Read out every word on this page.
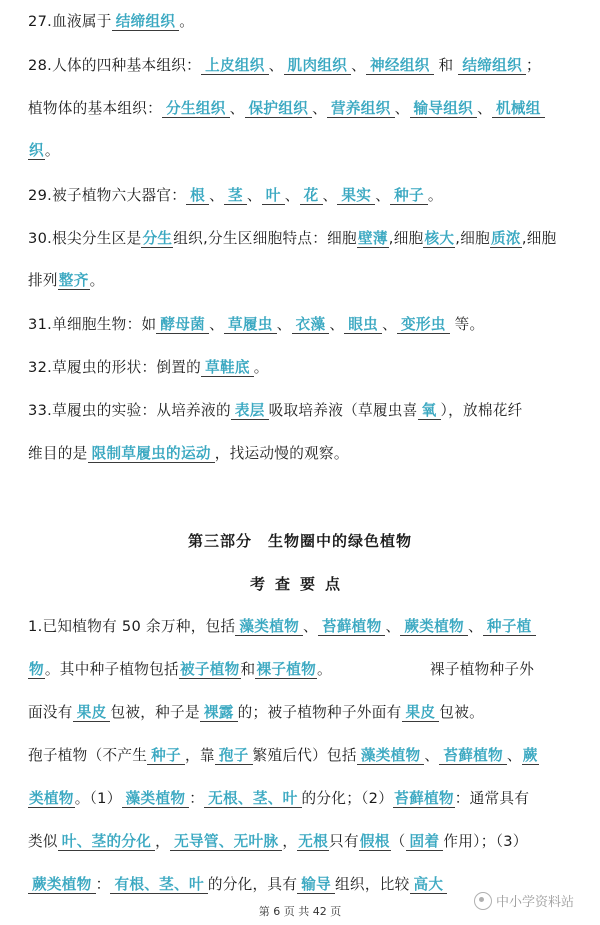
27.血液属于 结缔组织 。
28.人体的四种基本组织： 上皮组织 、 肌肉组织 、 神经组织 和 结缔组织 ；
植物体的基本组织： 分生组织 、 保护组织 、 营养组织 、 输导组织 、 机械组
织。
29.被子植物六大器官： 根 、 茎 、 叶 、 花 、 果实 、 种子 。
30.根尖分生区是分生组织,分生区细胞特点：细胞壁薄,细胞核大,细胞质浓,细胞
排列整齐。
31.单细胞生物：如 酵母菌 、 草履虫 、 衣藻 、 眼虫 、 变形虫 等。
32.草履虫的形状：倒置的 草鞋底 。
33.草履虫的实验：从培养液的 表层 吸取培养液（草履虫喜 氧 ），放棉花纤
维目的是 限制草履虫的运动 ，找运动慢的观察。
第三部分　生物圈中的绿色植物
考查要点
1.已知植物有 50 余万种，包括 藻类植物 、 苔藓植物 、 蕨类植物 、 种子植
物。其中种子植物包括被子植物和裸子植物。	裸子植物种子外
面没有 果皮 包被，种子是 裸露 的；被子植物种子外面有 果皮 包被。
孢子植物（不产生 种子 ，靠 孢子 繁殖后代）包括 藻类植物 、 苔藓植物 、蕨
类植物。（1） 藻类植物 ： 无根、茎、叶 的分化；（2）苔藓植物：通常具有
类似 叶、茎的分化 ， 无导管、无叶脉 ，无根只有假根（ 固着 作用）；（3）
蕨类植物 ： 有根、茎、叶 的分化，具有 输导 组织，比较 高大
第 6 页 共 42 页
中小学资料站
